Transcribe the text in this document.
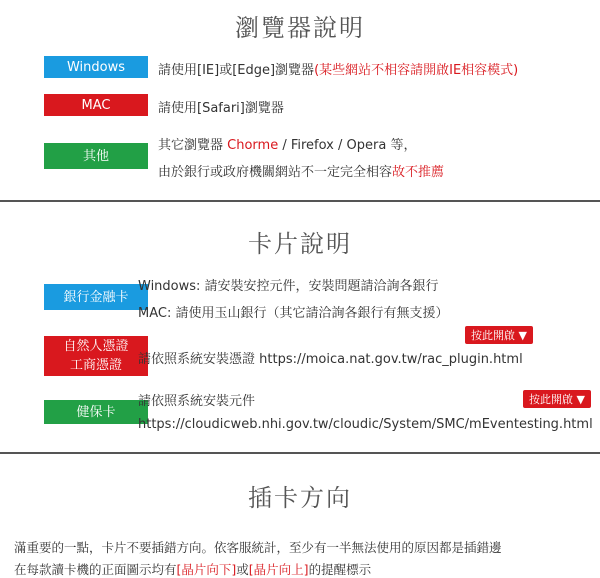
瀏覽器說明
Windows	請使用[IE]或[Edge]瀏覽器(某些網站不相容請開啟IE相容模式)
MAC	請使用[Safari]瀏覽器
其他
其它瀏覽器 Chorme / Firefox / Opera 等，
由於銀行或政府機關網站不一定完全相容故不推薦
卡片說明
銀行金融卡
Windows: 請安裝安控元件，安裝問題請洽詢各銀行
MAC: 請使用玉山銀行（其它請洽詢各銀行有無支援）
按此開啟 ▼
自然人憑證
工商憑證 請依照系統安裝憑證 https://moica.nat.gov.tw/rac_plugin.html
按此開啟 ▼
健保卡
請依照系統安裝元件
https://cloudicweb.nhi.gov.tw/cloudic/System/SMC/mEventesting.html
插卡方向
滿重要的一點，卡片不要插錯方向。依客服統計，至少有一半無法使用的原因都是插錯邊
在每款讀卡機的正面圖示均有[晶片向下]或[晶片向上]的提醒標示
